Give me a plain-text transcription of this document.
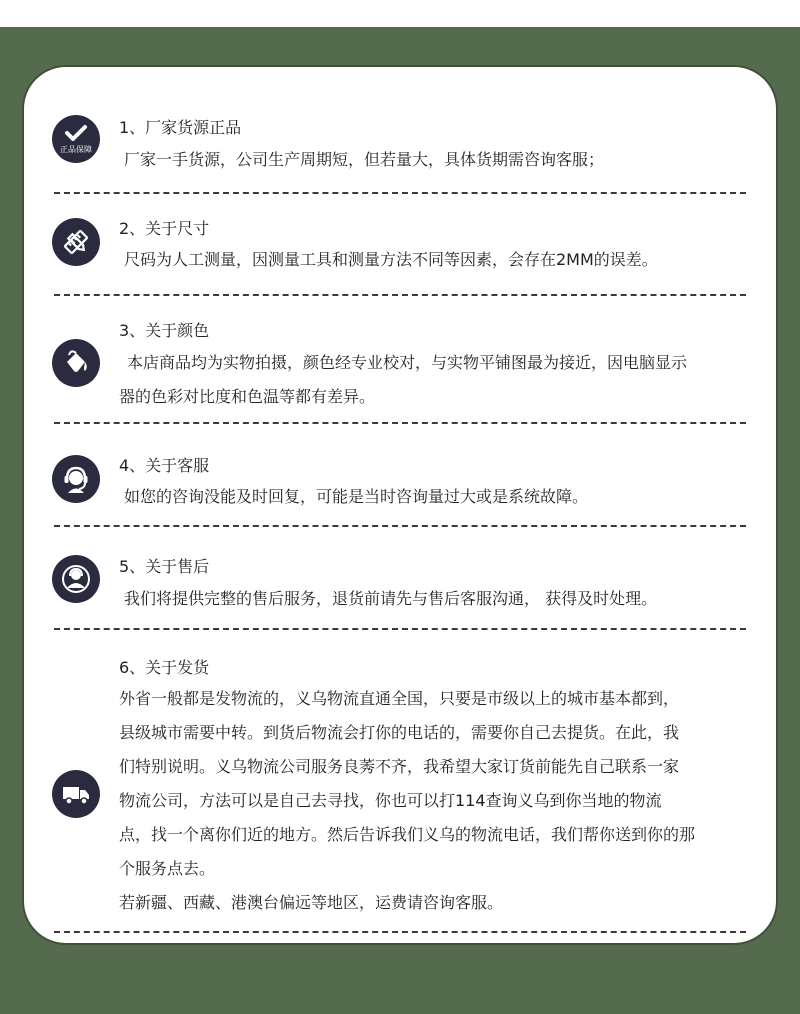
正品保障
1、厂家货源正品
厂家一手货源，公司生产周期短，但若量大，具体货期需咨询客服；
2、关于尺寸
尺码为人工测量，因测量工具和测量方法不同等因素，会存在2MM的误差。
3、关于颜色
本店商品均为实物拍摄，颜色经专业校对，与实物平铺图最为接近，因电脑显示
器的色彩对比度和色温等都有差异。
4、关于客服
如您的咨询没能及时回复，可能是当时咨询量过大或是系统故障。
5、关于售后
我们将提供完整的售后服务，退货前请先与售后客服沟通， 获得及时处理。
6、关于发货
外省一般都是发物流的，义乌物流直通全国，只要是市级以上的城市基本都到，
县级城市需要中转。到货后物流会打你的电话的，需要你自己去提货。在此，我
们特别说明。义乌物流公司服务良莠不齐，我希望大家订货前能先自己联系一家
物流公司，方法可以是自己去寻找，你也可以打114查询义乌到你当地的物流
点，找一个离你们近的地方。然后告诉我们义乌的物流电话，我们帮你送到你的那
个服务点去。
若新疆、西藏、港澳台偏远等地区，运费请咨询客服。
